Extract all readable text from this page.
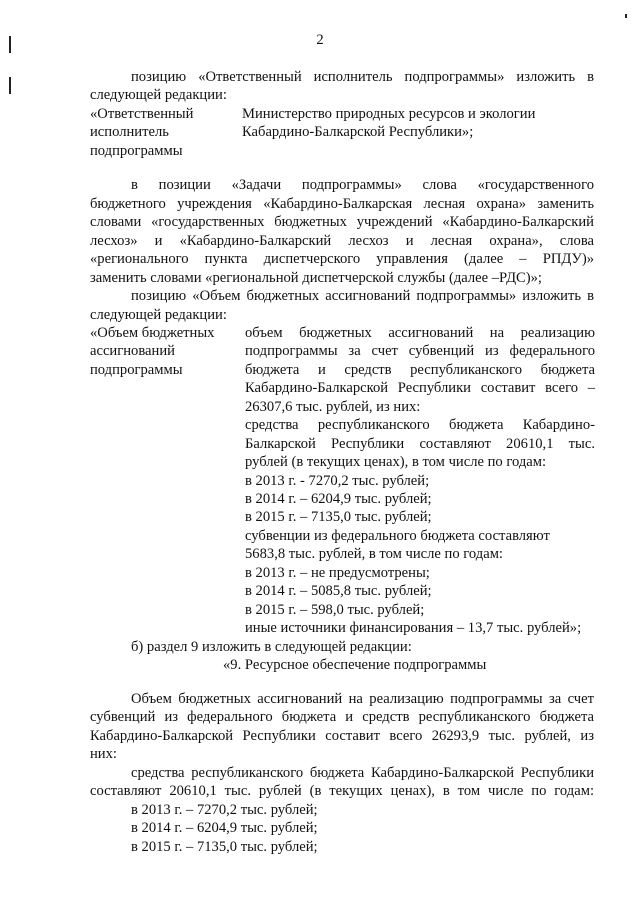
2
позицию «Ответственный исполнитель подпрограммы» изложить в
следующей редакции:
«Ответственный
исполнитель
подпрограммы
Министерство природных ресурсов и экологии
Кабардино-Балкарской Республики»;
в позиции «Задачи подпрограммы» слова «государственного
бюджетного учреждения «Кабардино-Балкарская лесная охрана» заменить
словами «государственных бюджетных учреждений «Кабардино-Балкарский
лесхоз» и «Кабардино-Балкарский лесхоз и лесная охрана», слова
«регионального пункта диспетчерского управления (далее – РПДУ)»
заменить словами «региональной диспетчерской службы (далее –РДС)»;
позицию «Объем бюджетных ассигнований подпрограммы» изложить в
следующей редакции:
«Объем бюджетных
ассигнований
подпрограммы
объем бюджетных ассигнований на реализацию
подпрограммы за счет субвенций из федерального
бюджета и средств республиканского бюджета
Кабардино-Балкарской Республики составит всего –
26307,6 тыс. рублей, из них:
средства республиканского бюджета Кабардино-
Балкарской Республики составляют 20610,1 тыс.
рублей (в текущих ценах), в том числе по годам:
в 2013 г. - 7270,2 тыс. рублей;
в 2014 г. – 6204,9 тыс. рублей;
в 2015 г. – 7135,0 тыс. рублей;
субвенции из федерального бюджета составляют
5683,8 тыс. рублей, в том числе по годам:
в 2013 г. – не предусмотрены;
в 2014 г. – 5085,8 тыс. рублей;
в 2015 г. – 598,0 тыс. рублей;
иные источники финансирования – 13,7 тыс. рублей»;
б) раздел 9 изложить в следующей редакции:
«9. Ресурсное обеспечение подпрограммы
Объем бюджетных ассигнований на реализацию подпрограммы за счет
субвенций из федерального бюджета и средств республиканского бюджета
Кабардино-Балкарской Республики составит всего 26293,9 тыс. рублей, из
них:
средства республиканского бюджета Кабардино-Балкарской Республики
составляют 20610,1 тыс. рублей (в текущих ценах), в том числе по годам:
в 2013 г. – 7270,2 тыс. рублей;
в 2014 г. – 6204,9 тыс. рублей;
в 2015 г. – 7135,0 тыс. рублей;
